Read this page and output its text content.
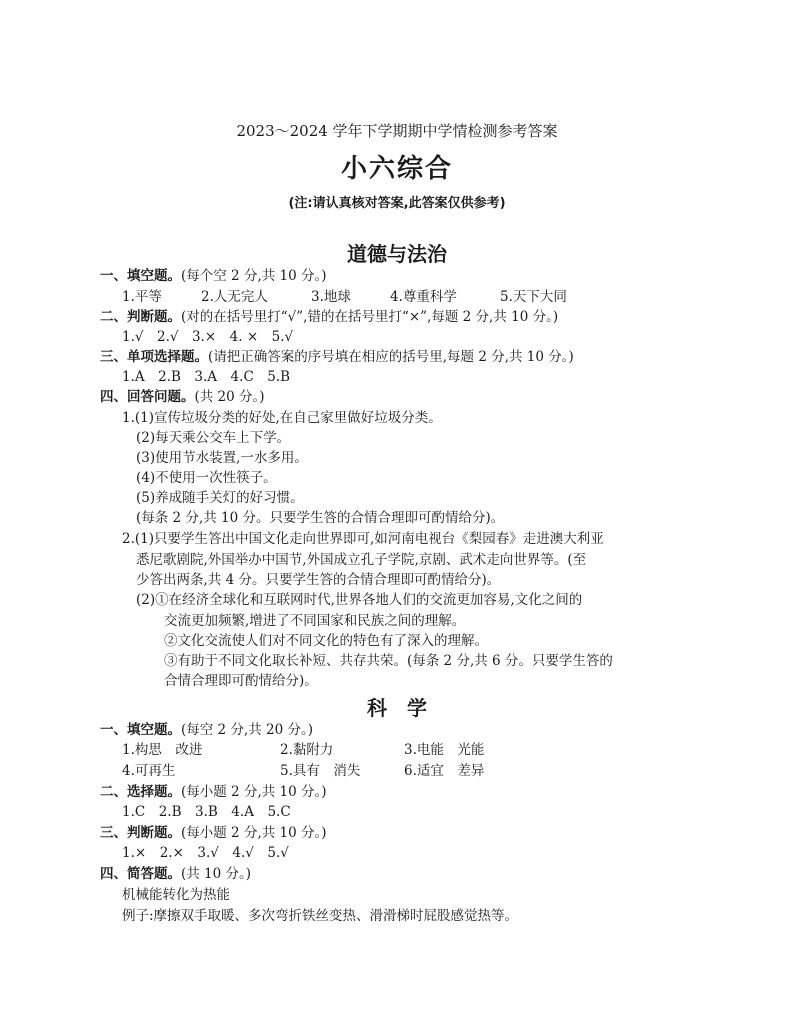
2023～2024 学年下学期期中学情检测参考答案
小六综合
(注:请认真核对答案,此答案仅供参考)
道德与法治
一、填空题。(每个空 2 分,共 10 分。)
1.平等	2.人无完人	3.地球	4.尊重科学	5.天下大同
二、判断题。(对的在括号里打“√”,错的在括号里打“×”,每题 2 分,共 10 分。)
1.√　2.√　3.×　4. ×　5.√
三、单项选择题。(请把正确答案的序号填在相应的括号里,每题 2 分,共 10 分。)
1.A　2.B　3.A　4.C　5.B
四、回答问题。(共 20 分。)
1.(1)宣传垃圾分类的好处,在自己家里做好垃圾分类。
(2)每天乘公交车上下学。
(3)使用节水装置,一水多用。
(4)不使用一次性筷子。
(5)养成随手关灯的好习惯。
(每条 2 分,共 10 分。只要学生答的合情合理即可酌情给分)。
2.(1)只要学生答出中国文化走向世界即可,如河南电视台《梨园春》走进澳大利亚
悉尼歌剧院,外国举办中国节,外国成立孔子学院,京剧、武术走向世界等。(至
少答出两条,共 4 分。只要学生答的合情合理即可酌情给分)。
(2)①在经济全球化和互联网时代,世界各地人们的交流更加容易,文化之间的
交流更加频繁,增进了不同国家和民族之间的理解。
②文化交流使人们对不同文化的特色有了深入的理解。
③有助于不同文化取长补短、共存共荣。(每条 2 分,共 6 分。只要学生答的
合情合理即可酌情给分)。
科　学
一、填空题。(每空 2 分,共 20 分。)
1.构思　改进	2.黏附力	3.电能　光能
4.可再生	5.具有　消失	6.适宜　差异
二、选择题。(每小题 2 分,共 10 分。)
1.C　2.B　3.B　4.A　5.C
三、判断题。(每小题 2 分,共 10 分。)
1.×　2.×　3.√　4.√　5.√
四、简答题。(共 10 分。)
机械能转化为热能
例子:摩擦双手取暖、多次弯折铁丝变热、滑滑梯时屁股感觉热等。
